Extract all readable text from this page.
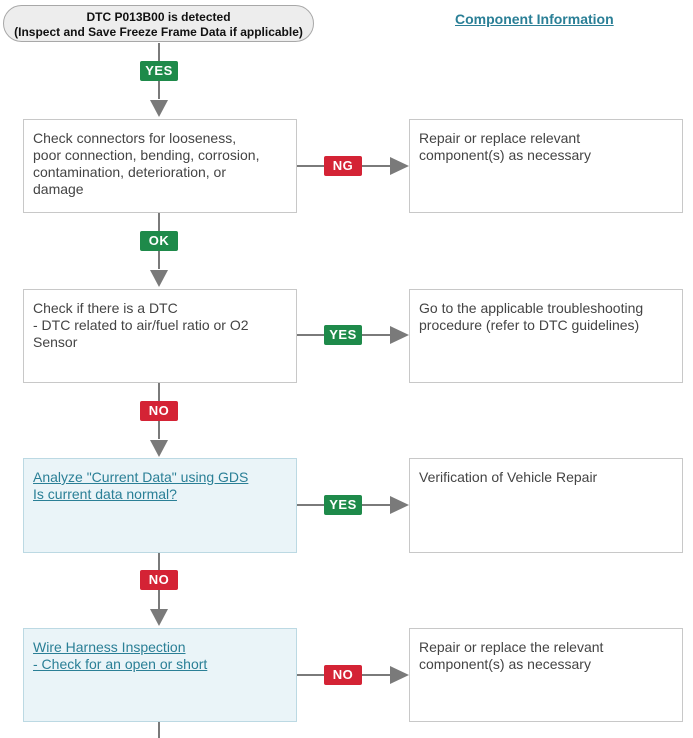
DTC P013B00 is detected
(Inspect and Save Freeze Frame Data if applicable)
Component Information
YES
Check connectors for looseness,
poor connection, bending, corrosion,
contamination, deterioration, or
damage
NG
Repair or replace relevant
component(s) as necessary
OK
Check if there is a DTC
- DTC related to air/fuel ratio or O2
Sensor	YES
Go to the applicable troubleshooting
procedure (refer to DTC guidelines)
NO
Analyze "Current Data" using GDS
Is current data normal?
YES
Verification of Vehicle Repair
NO
Wire Harness Inspection
- Check for an open or short
NO
Repair or replace the relevant
component(s) as necessary
